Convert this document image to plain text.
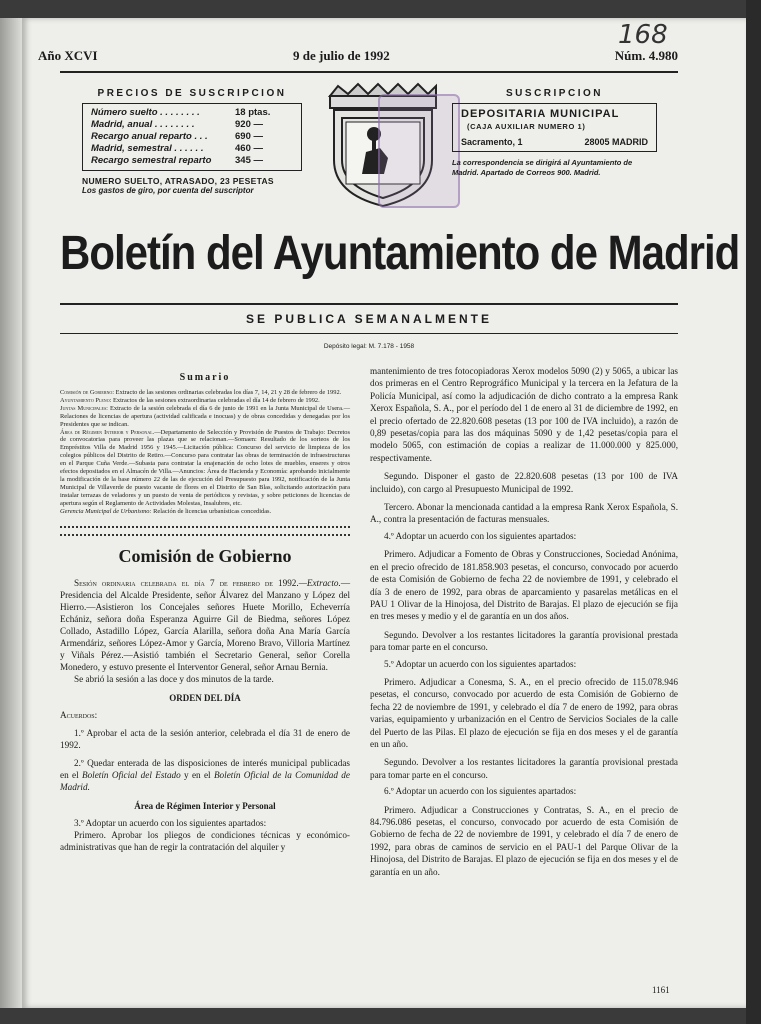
168
Año XCVI	9 de julio de 1992	Núm. 4.980
PRECIOS DE SUSCRIPCION
Número suelto . . . . . . . .	18 ptas.
Madrid, anual . . . . . . . .	920 —
Recargo anual reparto . . .	690 —
Madrid, semestral . . . . . .	460 —
Recargo semestral reparto	345 —
NUMERO SUELTO, ATRASADO, 23 PESETAS
Los gastos de giro, por cuenta del suscriptor
SUSCRIPCION
DEPOSITARIA MUNICIPAL
(CAJA AUXILIAR NUMERO 1)
Sacramento, 1	28005 MADRID
La correspondencia se dirigirá al Ayuntamiento de Madrid. Apartado de Correos 900. Madrid.
Boletín del Ayuntamiento de Madrid
SE PUBLICA SEMANALMENTE
Depósito legal: M. 7.178 - 1958
Sumario
Comisión de Gobierno: Extracto de las sesiones ordinarias celebradas los días 7, 14, 21 y 28 de febrero de 1992.
Ayuntamiento Pleno: Extractos de las sesiones extraordinarias celebradas el día 14 de febrero de 1992.
Juntas Municipales: Extracto de la sesión celebrada el día 6 de junio de 1991 en la Junta Municipal de Usera.—Relaciones de licencias de apertura (actividad calificada e inocuas) y de obras concedidas y denegadas por los Presidentes que se indican.
Área de Régimen Interior y Personal.—Departamento de Selección y Provisión de Puestos de Trabajo: Decretos de convocatorias para proveer las plazas que se relacionan.—Somaen: Resultado de los sorteos de los Empréstitos Villa de Madrid 1956 y 1945.—Licitación pública: Concurso del servicio de limpieza de los colegios públicos del Distrito de Retiro.—Concurso para contratar las obras de terminación de infraestructuras en el Parque Cuña Verde.—Subasta para contratar la enajenación de ocho lotes de muebles, enseres y otros efectos depositados en el Almacén de Villa.—Anuncios: Área de Hacienda y Economía: aprobando inicialmente la modificación de la base número 22 de las de ejecución del Presupuesto para 1992, notificación de la Junta Municipal de Villaverde de puesto vacante de flores en el Distrito de San Blas, solicitando autorización para instalar terrazas de veladores y un puesto de venta de periódicos y revistas, y sobre peticiones de licencias de apertura según el Reglamento de Actividades Molestas, Insalubres, etc.
Gerencia Municipal de Urbanismo: Relación de licencias urbanísticas concedidas.
Comisión de Gobierno

Sesión ordinaria celebrada el día 7 de febrero de 1992.—Extracto.—Presidencia del Alcalde Presidente, señor Álvarez del Manzano y López del Hierro.—Asistieron los Concejales señores Huete Morillo, Echeverría Echániz, señora doña Esperanza Aguirre Gil de Biedma, señores López Collado, Astadillo López, García Alarilla, señora doña Ana María García Armendáriz, señores López-Amor y García, Moreno Bravo, Villoria Martínez y Viñals Pérez.—Asistió también el Secretario General, señor Corella Monedero, y estuvo presente el Interventor General, señor Arnau Bernia.

Se abrió la sesión a las doce y dos minutos de la tarde.

ORDEN DEL DÍA

Acuerdos:

1.º Aprobar el acta de la sesión anterior, celebrada el día 31 de enero de 1992.

2.º Quedar enterada de las disposiciones de interés municipal publicadas en el Boletín Oficial del Estado y en el Boletín Oficial de la Comunidad de Madrid.

Área de Régimen Interior y Personal

3.º Adoptar un acuerdo con los siguientes apartados:

Primero. Aprobar los pliegos de condiciones técnicas y económico-administrativas que han de regir la contratación del alquiler y

mantenimiento de tres fotocopiadoras Xerox modelos 5090 (2) y 5065, a ubicar las dos primeras en el Centro Reprográfico Municipal y la tercera en la Jefatura de la Policía Municipal, así como la adjudicación de dicho contrato a la empresa Rank Xerox Española, S. A., por el período del 1 de enero al 31 de diciembre de 1992, en el precio ofertado de 22.820.608 pesetas (13 por 100 de IVA incluido), a razón de 0,89 pesetas/copia para las dos máquinas 5090 y de 1,42 pesetas/copia para el modelo 5065, con estimación de copias a realizar de 11.000.000 y 825.000, respectivamente.

Segundo. Disponer el gasto de 22.820.608 pesetas (13 por 100 de IVA incluido), con cargo al Presupuesto Municipal de 1992.

Tercero. Abonar la mencionada cantidad a la empresa Rank Xerox Española, S. A., contra la presentación de facturas mensuales.

4.º Adoptar un acuerdo con los siguientes apartados:

Primero. Adjudicar a Fomento de Obras y Construcciones, Sociedad Anónima, en el precio ofrecido de 181.858.903 pesetas, el concurso, convocado por acuerdo de esta Comisión de Gobierno de fecha 22 de noviembre de 1991, y celebrado el día 3 de enero de 1992, para obras de aparcamiento y pasarelas metálicas en el PAU 1 Olivar de la Hinojosa, del Distrito de Barajas. El plazo de ejecución se fija en tres meses y medio y el de garantía en un dos años.

Segundo. Devolver a los restantes licitadores la garantía provisional prestada para tomar parte en el concurso.

5.º Adoptar un acuerdo con los siguientes apartados:

Primero. Adjudicar a Conesma, S. A., en el precio ofrecido de 115.078.946 pesetas, el concurso, convocado por acuerdo de esta Comisión de Gobierno de fecha 22 de noviembre de 1991, y celebrado el día 7 de enero de 1992, para obras varias, equipamiento y urbanización en el Centro de Servicios Sociales de la calle del Puerto de las Pilas. El plazo de ejecución se fija en dos meses y el de garantía en un año.

Segundo. Devolver a los restantes licitadores la garantía provisional prestada para tomar parte en el concurso.

6.º Adoptar un acuerdo con los siguientes apartados:

Primero. Adjudicar a Construcciones y Contratas, S. A., en el precio de 84.796.086 pesetas, el concurso, convocado por acuerdo de esta Comisión de Gobierno de fecha de 22 de noviembre de 1991, y celebrado el día 7 de enero de 1992, para obras de caminos de servicio en el PAU-1 del Parque Olivar de la Hinojosa, del Distrito de Barajas. El plazo de ejecución se fija en dos meses y el de garantía en un año.

1161
